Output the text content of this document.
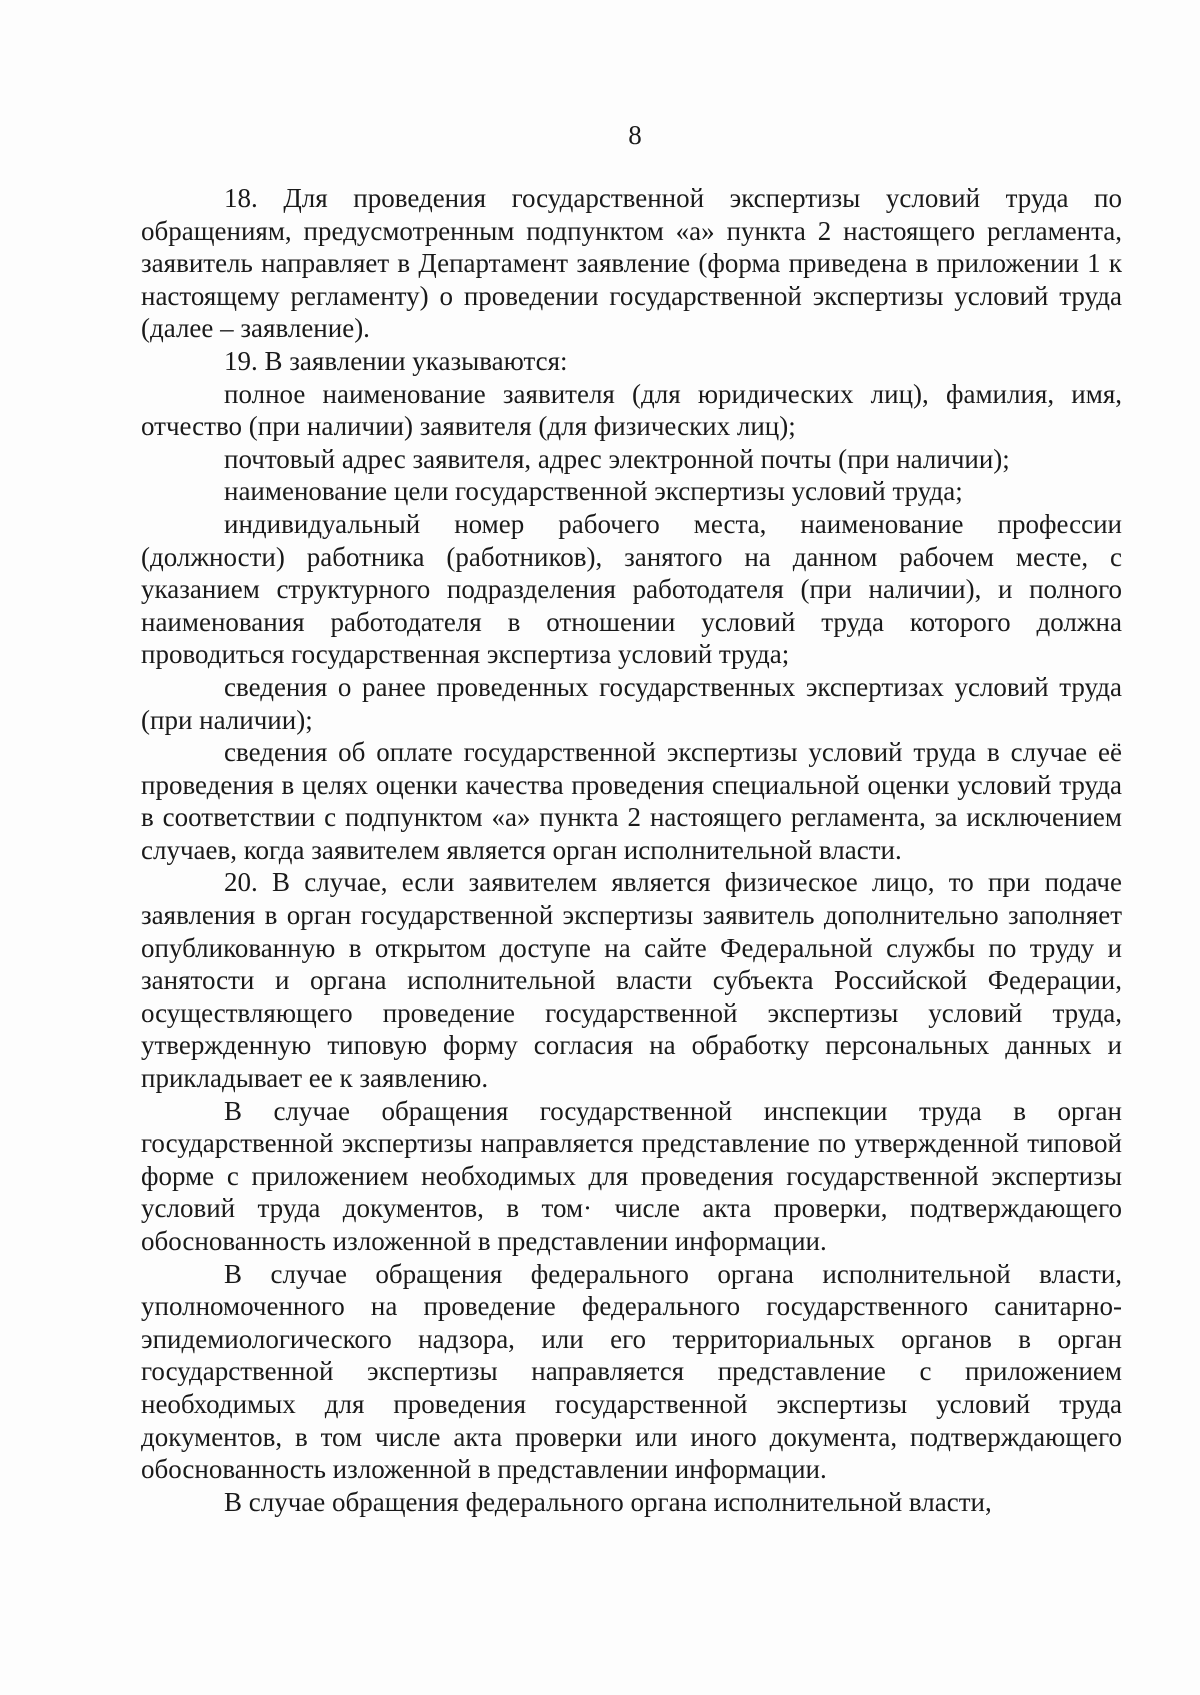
8

18. Для проведения государственной экспертизы условий труда по обращениям, предусмотренным подпунктом «а» пункта 2 настоящего регламента, заявитель направляет в Департамент заявление (форма приведена в приложении 1 к настоящему регламенту) о проведении государственной экспертизы условий труда (далее – заявление).

19. В заявлении указываются:

полное наименование заявителя (для юридических лиц), фамилия, имя, отчество (при наличии) заявителя (для физических лиц);

почтовый адрес заявителя, адрес электронной почты (при наличии);

наименование цели государственной экспертизы условий труда;

индивидуальный номер рабочего места, наименование профессии (должности) работника (работников), занятого на данном рабочем месте, с указанием структурного подразделения работодателя (при наличии), и полного наименования работодателя в отношении условий труда которого должна проводиться государственная экспертиза условий труда;

сведения о ранее проведенных государственных экспертизах условий труда (при наличии);

сведения об оплате государственной экспертизы условий труда в случае её проведения в целях оценки качества проведения специальной оценки условий труда в соответствии с подпунктом «а» пункта 2 настоящего регламента, за исключением случаев, когда заявителем является орган исполнительной власти.

20. В случае, если заявителем является физическое лицо, то при подаче заявления в орган государственной экспертизы заявитель дополнительно заполняет опубликованную в открытом доступе на сайте Федеральной службы по труду и занятости и органа исполнительной власти субъекта Российской Федерации, осуществляющего проведение государственной экспертизы условий труда, утвержденную типовую форму согласия на обработку персональных данных и прикладывает ее к заявлению.

В случае обращения государственной инспекции труда в орган государственной экспертизы направляется представление по утвержденной типовой форме с приложением необходимых для проведения государственной экспертизы условий труда документов, в том· числе акта проверки, подтверждающего обоснованность изложенной в представлении информации.

В случае обращения федерального органа исполнительной власти, уполномоченного на проведение федерального государственного санитарно-эпидемиологического надзора, или его территориальных органов в орган государственной экспертизы направляется представление с приложением необходимых для проведения государственной экспертизы условий труда документов, в том числе акта проверки или иного документа, подтверждающего обоснованность изложенной в представлении информации.

В случае обращения федерального органа исполнительной власти,
